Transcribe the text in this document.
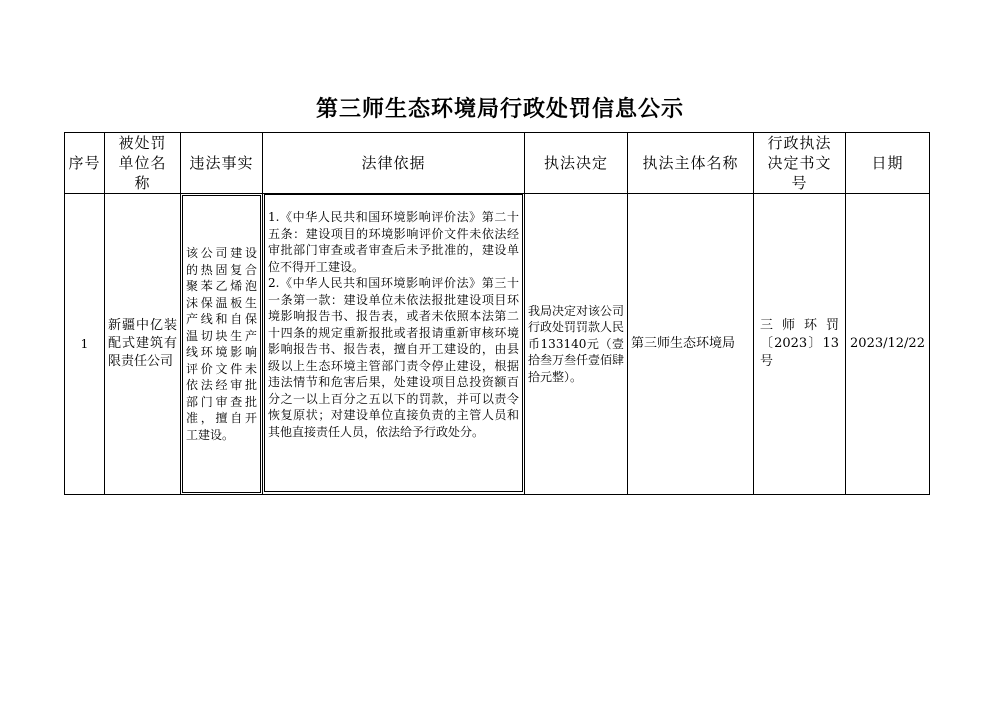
第三师生态环境局行政处罚信息公示
序号	被处罚单位名称	违法事实	法律依据	执法决定	执法主体名称	行政执法决定书文号	日期
1	新疆中亿装配式建筑有限责任公司	该公司建设的热固复合聚苯乙烯泡沫保温板生产线和自保温切块生产线环境影响评价文件未依法经审批部门审查批准，擅自开工建设。	1.《中华人民共和国环境影响评价法》第二十五条：建设项目的环境影响评价文件未依法经审批部门审查或者审查后未予批准的，建设单位不得开工建设。
2.《中华人民共和国环境影响评价法》第三十一条第一款：建设单位未依法报批建设项目环境影响报告书、报告表，或者未依照本法第二十四条的规定重新报批或者报请重新审核环境影响报告书、报告表，擅自开工建设的，由县级以上生态环境主管部门责令停止建设，根据违法情节和危害后果，处建设项目总投资额百分之一以上百分之五以下的罚款，并可以责令恢复原状；对建设单位直接负责的主管人员和其他直接责任人员，依法给予行政处分。	我局决定对该公司行政处罚罚款人民币133140元（壹拾叁万叁仟壹佰肆拾元整）。	第三师生态环境局	三师环罚〔2023〕13号	2023/12/22
